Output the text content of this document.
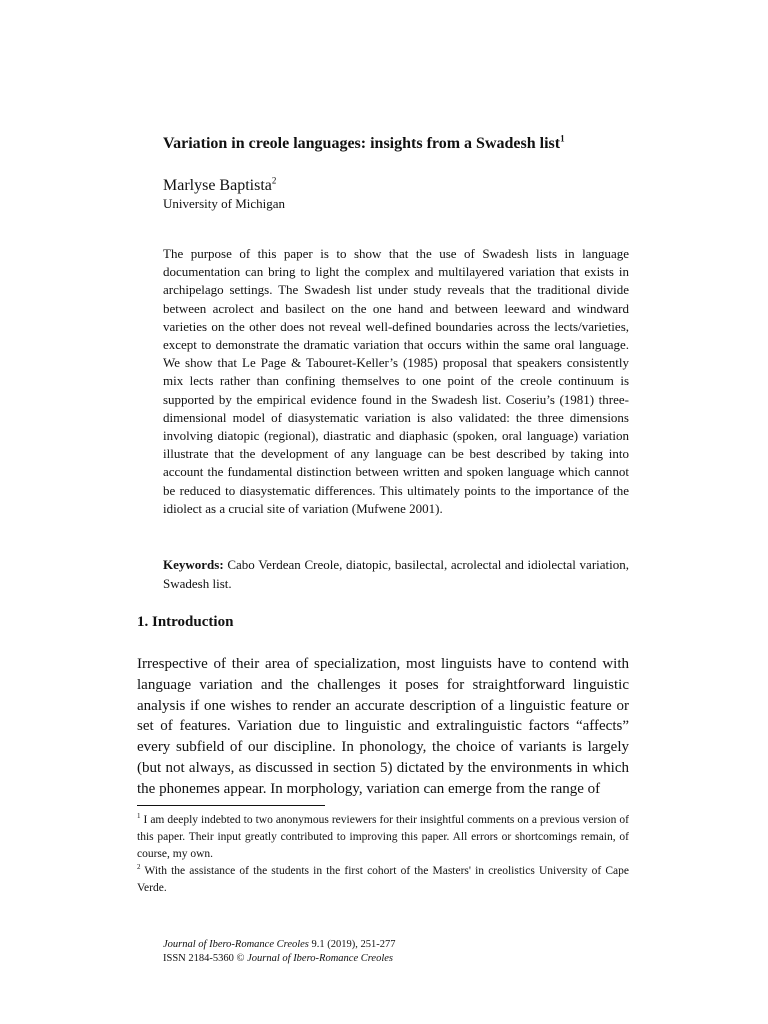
Variation in creole languages: insights from a Swadesh list$^1$
Marlyse Baptista$^2$
University of Michigan

The purpose of this paper is to show that the use of Swadesh lists in language documentation can bring to light the complex and multilayered variation that exists in archipelago settings. The Swadesh list under study reveals that the traditional divide between acrolect and basilect on the one hand and between leeward and windward varieties on the other does not reveal well-defined boundaries across the lects/varieties, except to demonstrate the dramatic variation that occurs within the same oral language. We show that Le Page & Tabouret-Keller’s (1985) proposal that speakers consistently mix lects rather than confining themselves to one point of the creole continuum is supported by the empirical evidence found in the Swadesh list. Coseriu’s (1981) three-dimensional model of diasystematic variation is also validated: the three dimensions involving diatopic (regional), diastratic and diaphasic (spoken, oral language) variation illustrate that the development of any language can be best described by taking into account the fundamental distinction between written and spoken language which cannot be reduced to diasystematic differences. This ultimately points to the importance of the idiolect as a crucial site of variation (Mufwene 2001).

Keywords: Cabo Verdean Creole, diatopic, basilectal, acrolectal and idiolectal variation, Swadesh list.

1. Introduction

Irrespective of their area of specialization, most linguists have to contend with language variation and the challenges it poses for straightforward linguistic analysis if one wishes to render an accurate description of a linguistic feature or set of features. Variation due to linguistic and extralinguistic factors “affects” every subfield of our discipline. In phonology, the choice of variants is largely (but not always, as discussed in section 5) dictated by the environments in which the phonemes appear. In morphology, variation can emerge from the range of

$^1$ I am deeply indebted to two anonymous reviewers for their insightful comments on a previous version of this paper. Their input greatly contributed to improving this paper. All errors or shortcomings remain, of course, my own.

$^2$ With the assistance of the students in the first cohort of the Masters' in creolistics University of Cape Verde.

Journal of Ibero-Romance Creoles 9.1 (2019), 251-277
ISSN 2184-5360 © Journal of Ibero-Romance Creoles
